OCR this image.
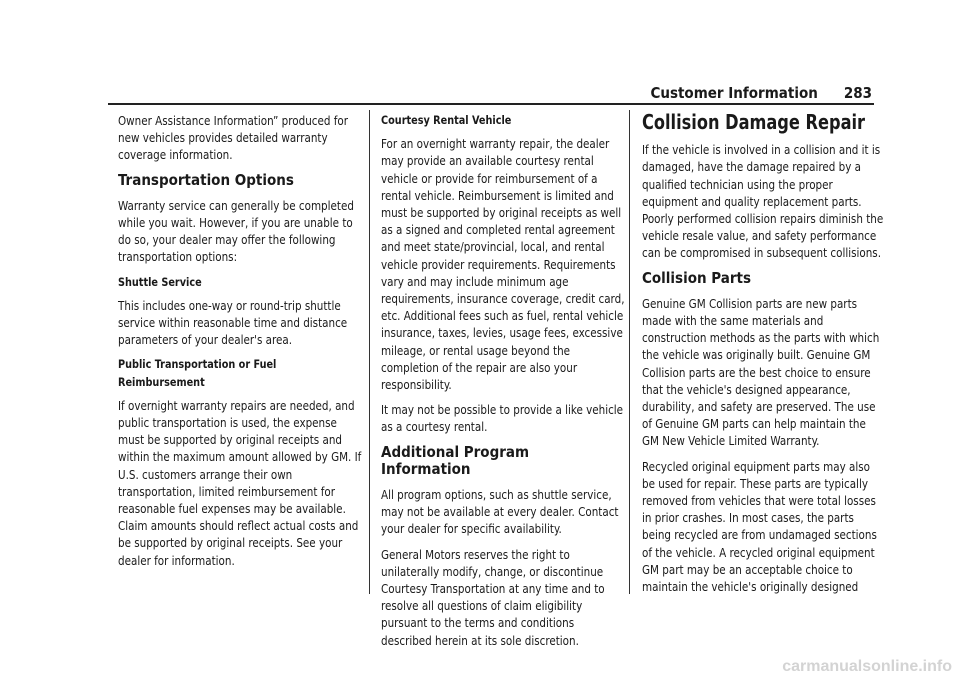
Customer Information 283

Owner Assistance Information” produced for new vehicles provides detailed warranty coverage information.

Transportation Options

Warranty service can generally be completed while you wait. However, if you are unable to do so, your dealer may offer the following transportation options:

Shuttle Service

This includes one-way or round-trip shuttle service within reasonable time and distance parameters of your dealer's area.

Public Transportation or Fuel Reimbursement

If overnight warranty repairs are needed, and public transportation is used, the expense must be supported by original receipts and within the maximum amount allowed by GM. If U.S. customers arrange their own transportation, limited reimbursement for reasonable fuel expenses may be available. Claim amounts should reflect actual costs and be supported by original receipts. See your dealer for information.

Courtesy Rental Vehicle

For an overnight warranty repair, the dealer may provide an available courtesy rental vehicle or provide for reimbursement of a rental vehicle. Reimbursement is limited and must be supported by original receipts as well as a signed and completed rental agreement and meet state/provincial, local, and rental vehicle provider requirements. Requirements vary and may include minimum age requirements, insurance coverage, credit card, etc. Additional fees such as fuel, rental vehicle insurance, taxes, levies, usage fees, excessive mileage, or rental usage beyond the completion of the repair are also your responsibility.

It may not be possible to provide a like vehicle as a courtesy rental.

Additional Program Information

All program options, such as shuttle service, may not be available at every dealer. Contact your dealer for specific availability.

General Motors reserves the right to unilaterally modify, change, or discontinue Courtesy Transportation at any time and to resolve all questions of claim eligibility pursuant to the terms and conditions described herein at its sole discretion.

Collision Damage Repair

If the vehicle is involved in a collision and it is damaged, have the damage repaired by a qualified technician using the proper equipment and quality replacement parts. Poorly performed collision repairs diminish the vehicle resale value, and safety performance can be compromised in subsequent collisions.

Collision Parts

Genuine GM Collision parts are new parts made with the same materials and construction methods as the parts with which the vehicle was originally built. Genuine GM Collision parts are the best choice to ensure that the vehicle's designed appearance, durability, and safety are preserved. The use of Genuine GM parts can help maintain the GM New Vehicle Limited Warranty.

Recycled original equipment parts may also be used for repair. These parts are typically removed from vehicles that were total losses in prior crashes. In most cases, the parts being recycled are from undamaged sections of the vehicle. A recycled original equipment GM part may be an acceptable choice to maintain the vehicle's originally designed

carmanualsonline.info
